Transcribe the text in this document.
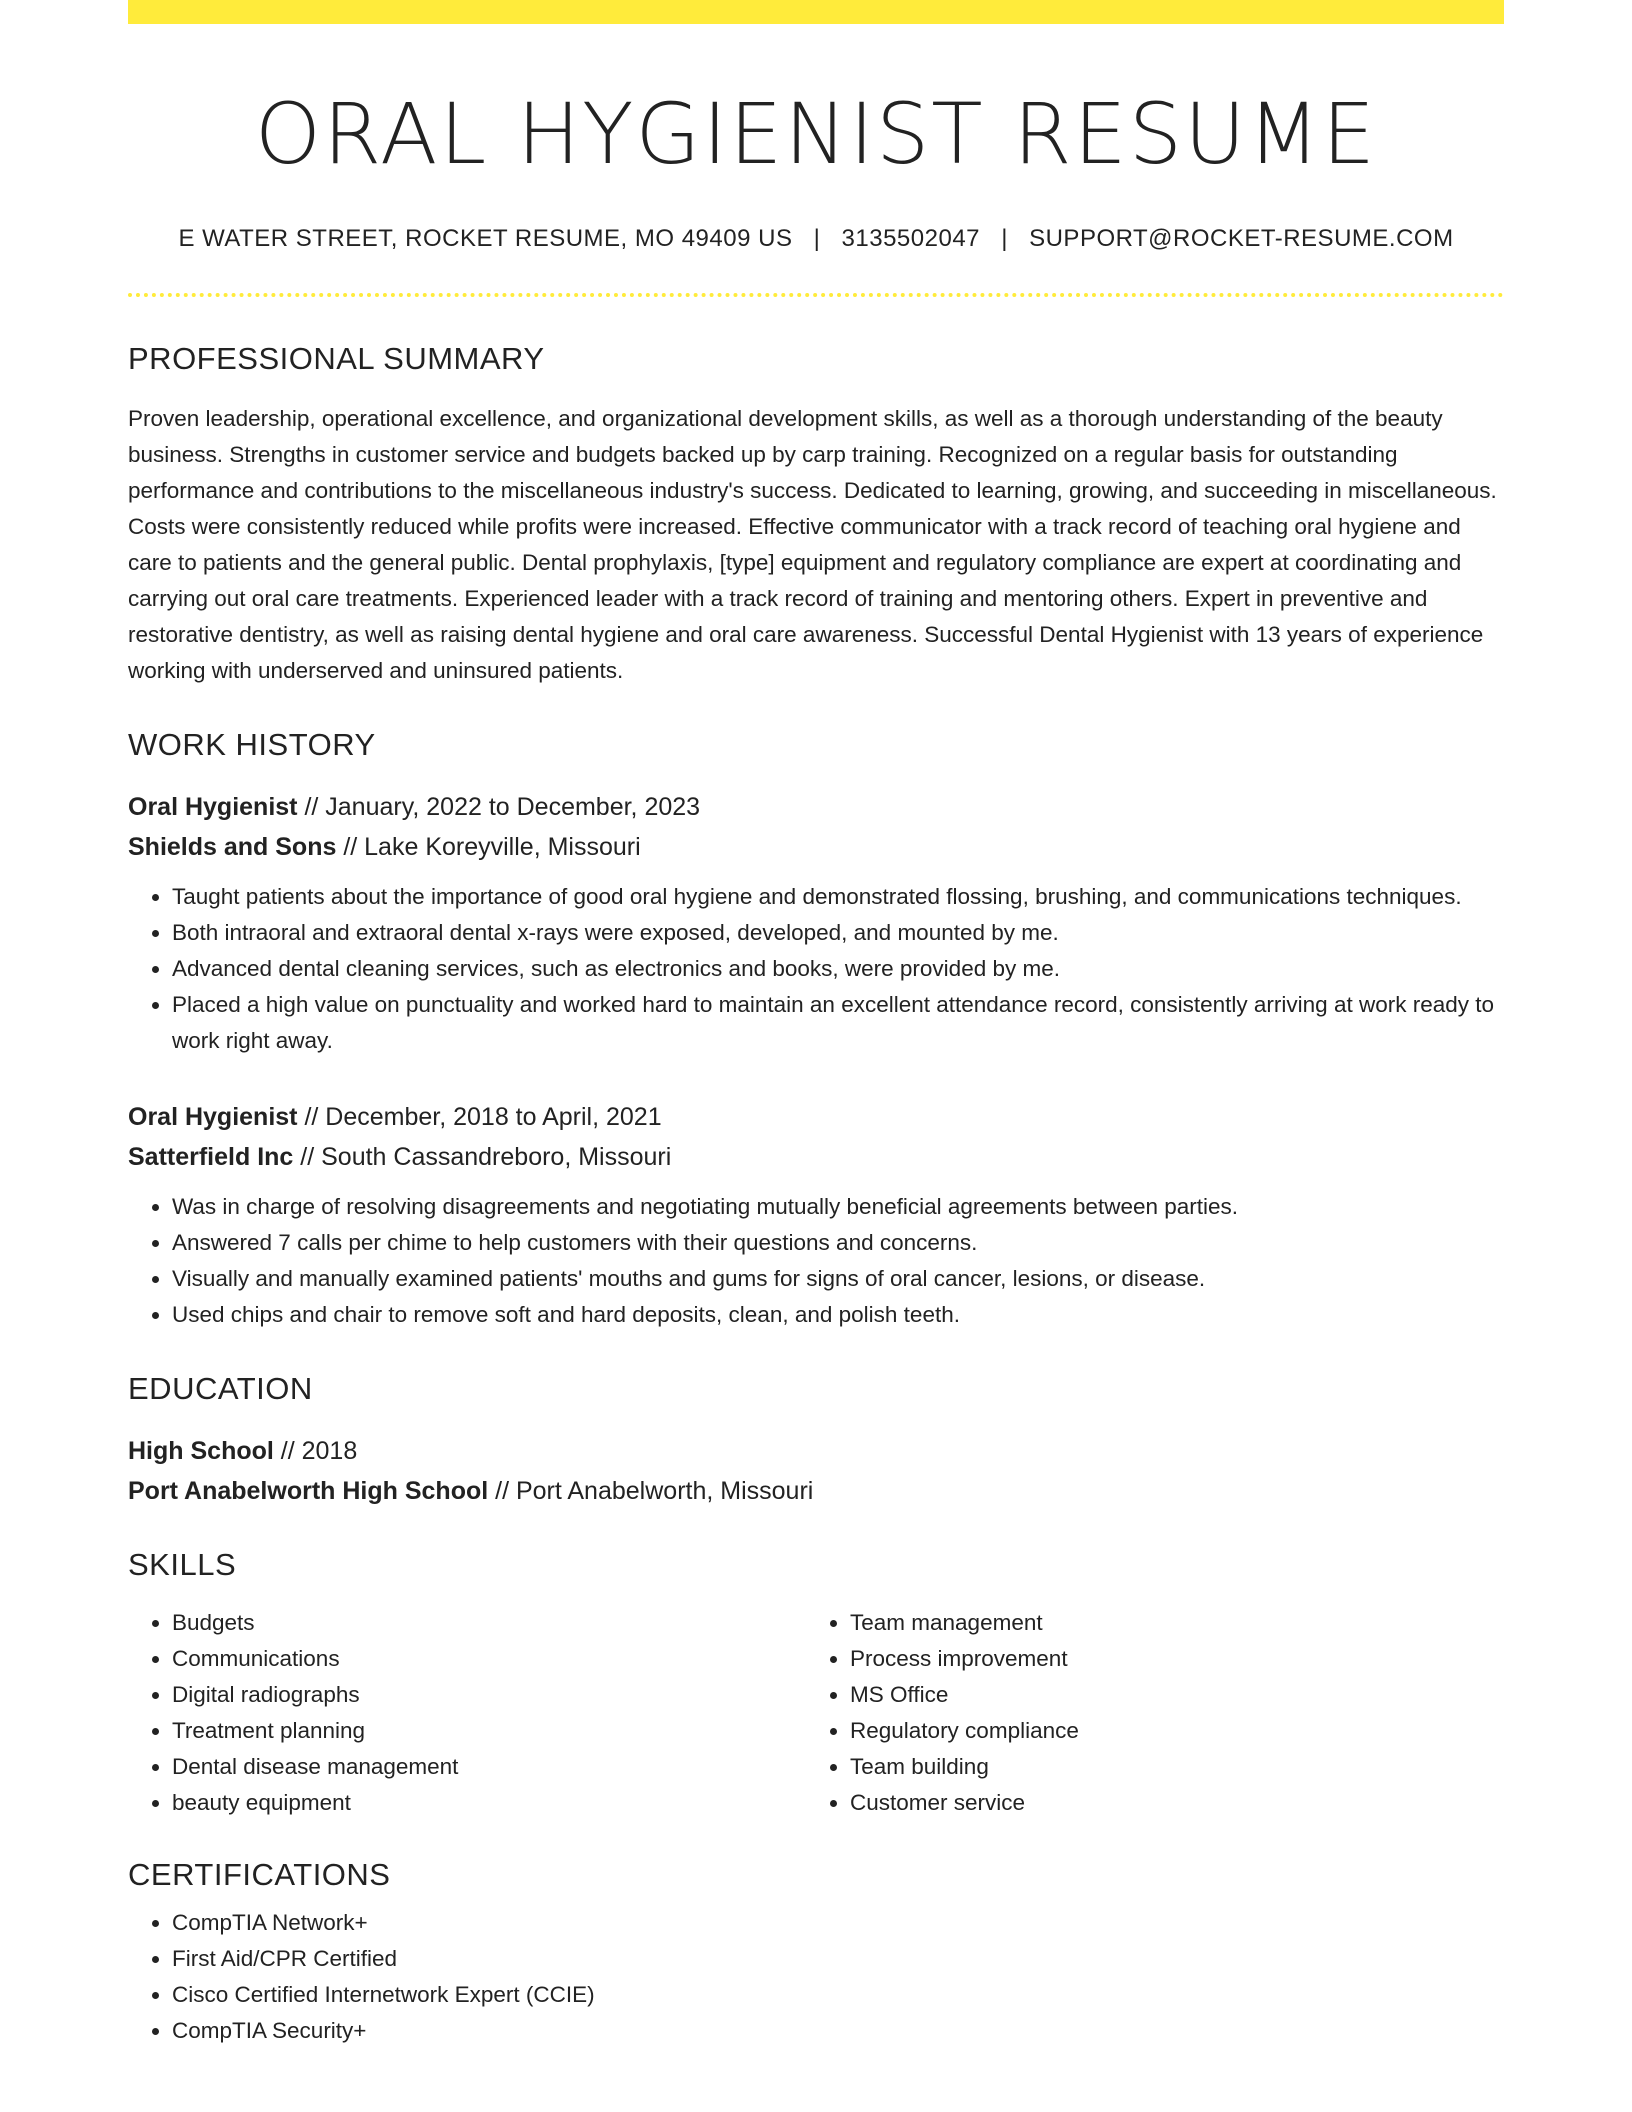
ORAL HYGIENIST RESUME
E WATER STREET, ROCKET RESUME, MO 49409 US | 3135502047 | SUPPORT@ROCKET-RESUME.COM
PROFESSIONAL SUMMARY
Proven leadership, operational excellence, and organizational development skills, as well as a thorough understanding of the beauty business. Strengths in customer service and budgets backed up by carp training. Recognized on a regular basis for outstanding performance and contributions to the miscellaneous industry's success. Dedicated to learning, growing, and succeeding in miscellaneous. Costs were consistently reduced while profits were increased. Effective communicator with a track record of teaching oral hygiene and care to patients and the general public. Dental prophylaxis, [type] equipment and regulatory compliance are expert at coordinating and carrying out oral care treatments. Experienced leader with a track record of training and mentoring others. Expert in preventive and restorative dentistry, as well as raising dental hygiene and oral care awareness. Successful Dental Hygienist with 13 years of experience working with underserved and uninsured patients.
WORK HISTORY
Oral Hygienist // January, 2022 to December, 2023
Shields and Sons // Lake Koreyville, Missouri
• Taught patients about the importance of good oral hygiene and demonstrated flossing, brushing, and communications techniques.
• Both intraoral and extraoral dental x-rays were exposed, developed, and mounted by me.
• Advanced dental cleaning services, such as electronics and books, were provided by me.
• Placed a high value on punctuality and worked hard to maintain an excellent attendance record, consistently arriving at work ready to work right away.
Oral Hygienist // December, 2018 to April, 2021
Satterfield Inc // South Cassandreboro, Missouri
• Was in charge of resolving disagreements and negotiating mutually beneficial agreements between parties.
• Answered 7 calls per chime to help customers with their questions and concerns.
• Visually and manually examined patients' mouths and gums for signs of oral cancer, lesions, or disease.
• Used chips and chair to remove soft and hard deposits, clean, and polish teeth.
EDUCATION
High School // 2018
Port Anabelworth High School // Port Anabelworth, Missouri
SKILLS
• Budgets
• Communications
• Digital radiographs
• Treatment planning
• Dental disease management
• beauty equipment
• Team management
• Process improvement
• MS Office
• Regulatory compliance
• Team building
• Customer service
CERTIFICATIONS
• CompTIA Network+
• First Aid/CPR Certified
• Cisco Certified Internetwork Expert (CCIE)
• CompTIA Security+
